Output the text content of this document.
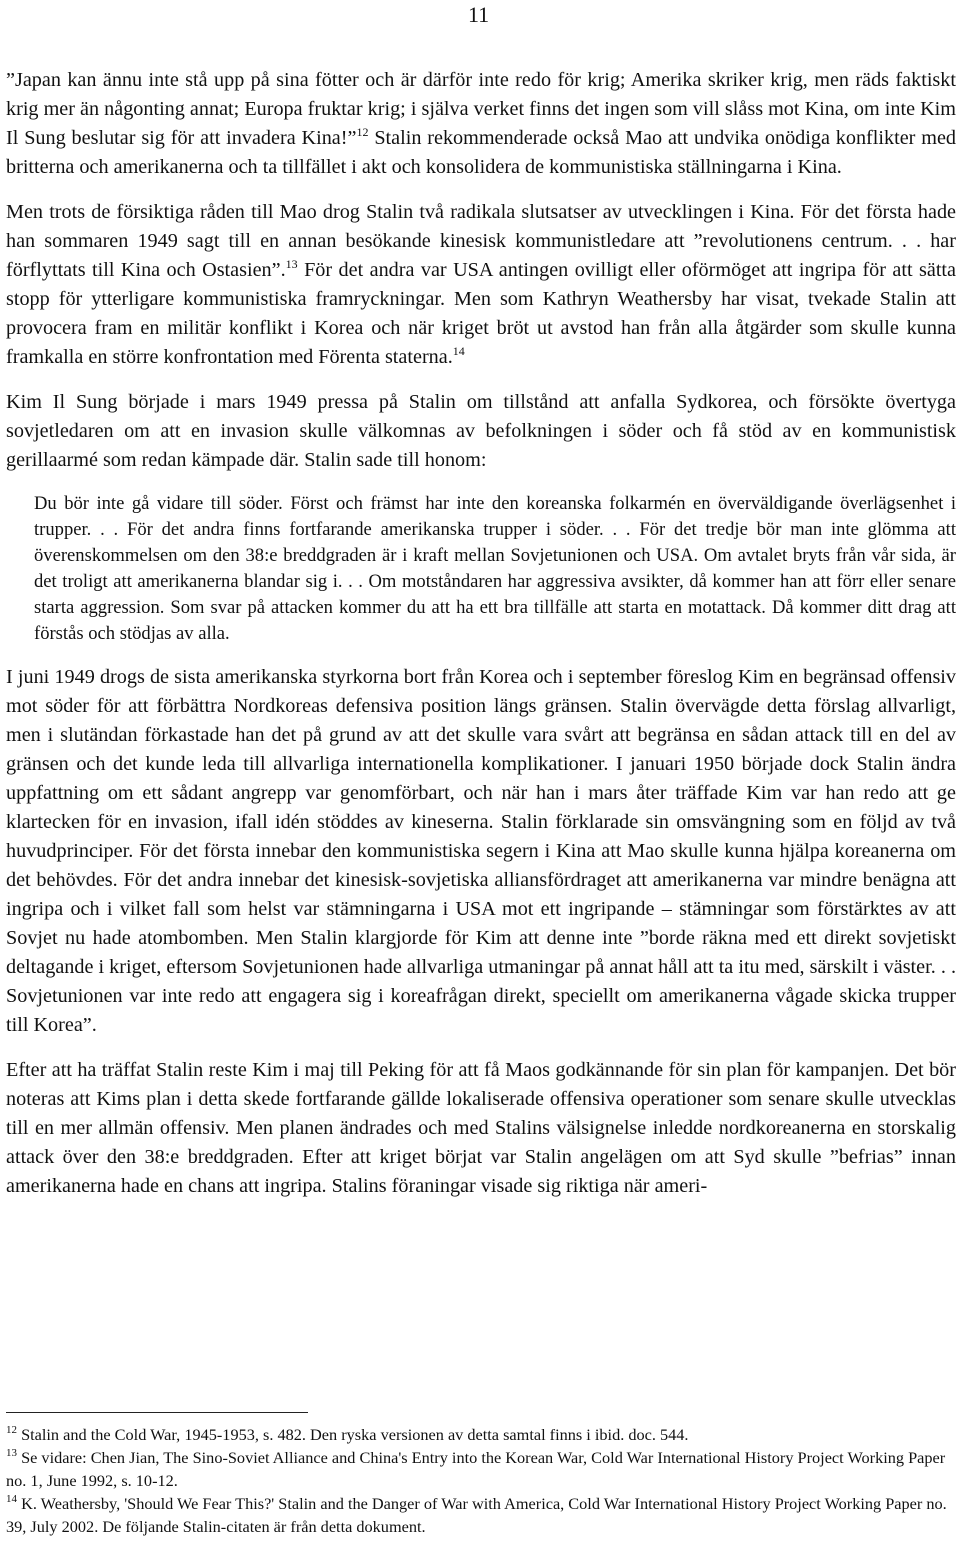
11

”Japan kan ännu inte stå upp på sina fötter och är därför inte redo för krig; Amerika skriker krig, men räds faktiskt krig mer än någonting annat; Europa fruktar krig; i själva verket finns det ingen som vill slåss mot Kina, om inte Kim Il Sung beslutar sig för att invadera Kina!”$^{12}$ Stalin rekommenderade också Mao att undvika onödiga konflikter med britterna och amerikanerna och ta tillfället i akt och konsolidera de kommunistiska ställningarna i Kina.

Men trots de försiktiga råden till Mao drog Stalin två radikala slutsatser av utvecklingen i Kina. För det första hade han sommaren 1949 sagt till en annan besökande kinesisk kommunistledare att ”revolutionens centrum. . . har förflyttats till Kina och Ostasien”.$^{13}$ För det andra var USA antingen ovilligt eller oförmöget att ingripa för att sätta stopp för ytterligare kommunistiska framryckningar. Men som Kathryn Weathersby har visat, tvekade Stalin att provocera fram en militär konflikt i Korea och när kriget bröt ut avstod han från alla åtgärder som skulle kunna framkalla en större konfrontation med Förenta staterna.$^{14}$

Kim Il Sung började i mars 1949 pressa på Stalin om tillstånd att anfalla Sydkorea, och försökte övertyga sovjetledaren om att en invasion skulle välkomnas av befolkningen i söder och få stöd av en kommunistisk gerillaarmé som redan kämpade där. Stalin sade till honom:

Du bör inte gå vidare till söder. Först och främst har inte den koreanska folkarmén en överväldigande överlägsenhet i trupper. . . För det andra finns fortfarande amerikanska trupper i söder. . . För det tredje bör man inte glömma att överenskommelsen om den 38:e breddgraden är i kraft mellan Sovjetunionen och USA. Om avtalet bryts från vår sida, är det troligt att amerikanerna blandar sig i. . . Om motståndaren har aggressiva avsikter, då kommer han att förr eller senare starta aggression. Som svar på attacken kommer du att ha ett bra tillfälle att starta en motattack. Då kommer ditt drag att förstås och stödjas av alla.

I juni 1949 drogs de sista amerikanska styrkorna bort från Korea och i september föreslog Kim en begränsad offensiv mot söder för att förbättra Nordkoreas defensiva position längs gränsen. Stalin övervägde detta förslag allvarligt, men i slutändan förkastade han det på grund av att det skulle vara svårt att begränsa en sådan attack till en del av gränsen och det kunde leda till allvarliga internationella komplikationer. I januari 1950 började dock Stalin ändra uppfattning om ett sådant angrepp var genomförbart, och när han i mars åter träffade Kim var han redo att ge klartecken för en invasion, ifall idén stöddes av kineserna. Stalin förklarade sin omsvängning som en följd av två huvudprinciper. För det första innebar den kommunistiska segern i Kina att Mao skulle kunna hjälpa koreanerna om det behövdes. För det andra innebar det kinesisk-sovjetiska alliansfördraget att amerikanerna var mindre benägna att ingripa och i vilket fall som helst var stämningarna i USA mot ett ingripande – stämningar som förstärktes av att Sovjet nu hade atombomben. Men Stalin klargjorde för Kim att denne inte ”borde räkna med ett direkt sovjetiskt deltagande i kriget, eftersom Sovjetunionen hade allvarliga utmaningar på annat håll att ta itu med, särskilt i väster. . . Sovjetunionen var inte redo att engagera sig i koreafrågan direkt, speciellt om amerikanerna vågade skicka trupper till Korea”.

Efter att ha träffat Stalin reste Kim i maj till Peking för att få Maos godkännande för sin plan för kampanjen. Det bör noteras att Kims plan i detta skede fortfarande gällde lokaliserade offensiva operationer som senare skulle utvecklas till en mer allmän offensiv. Men planen ändrades och med Stalins välsignelse inledde nordkoreanerna en storskalig attack över den 38:e breddgraden. Efter att kriget börjat var Stalin angelägen om att Syd skulle ”befrias” innan amerikanerna hade en chans att ingripa. Stalins föraningar visade sig riktiga när ameri-

$^{12}$ Stalin and the Cold War, 1945-1953, s. 482. Den ryska versionen av detta samtal finns i ibid. doc. 544.

$^{13}$ Se vidare: Chen Jian, The Sino-Soviet Alliance and China's Entry into the Korean War, Cold War International History Project Working Paper no. 1, June 1992, s. 10-12.

$^{14}$ K. Weathersby, 'Should We Fear This?' Stalin and the Danger of War with America, Cold War International History Project Working Paper no. 39, July 2002. De följande Stalin-citaten är från detta dokument.
